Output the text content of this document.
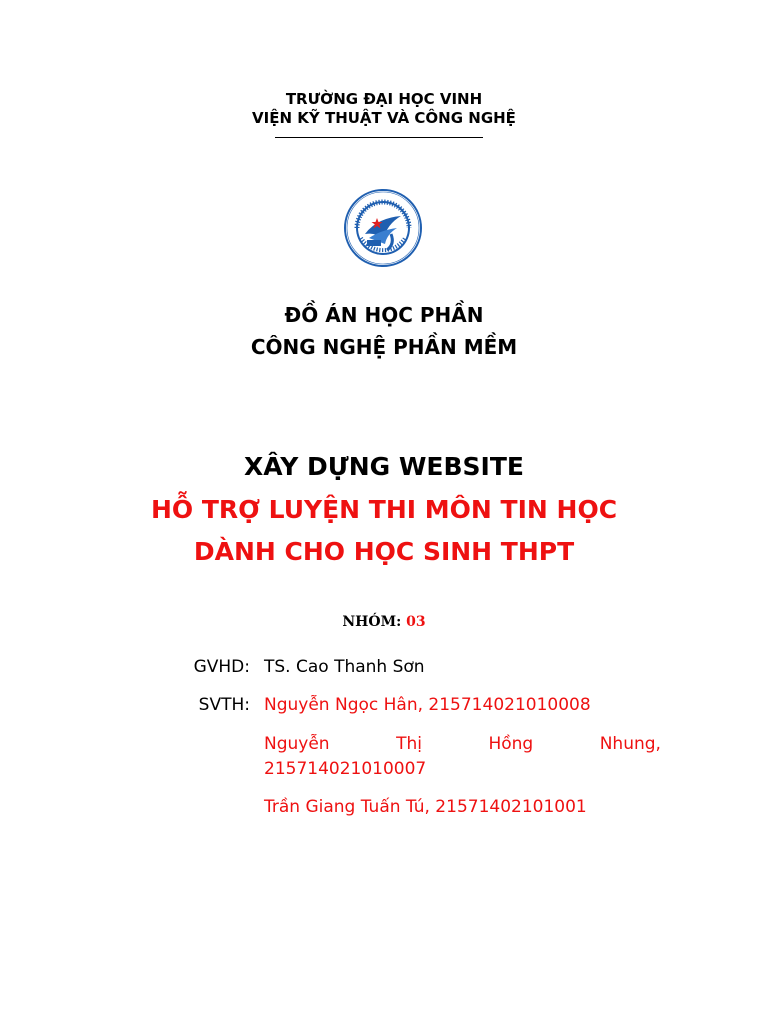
TRƯỜNG ĐẠI HỌC VINH
VIỆN KỸ THUẬT VÀ CÔNG NGHỆ
ĐỒ ÁN HỌC PHẦN
CÔNG NGHỆ PHẦN MỀM
XÂY DỰNG WEBSITE
HỖ TRỢ LUYỆN THI MÔN TIN HỌC
DÀNH CHO HỌC SINH THPT
NHÓM: 03
GVHD: TS. Cao Thanh Sơn
SVTH: Nguyễn Ngọc Hân, 215714021010008
Nguyễn	Thị	Hồng	Nhung,
215714021010007
Trần Giang Tuấn Tú, 21571402101001
